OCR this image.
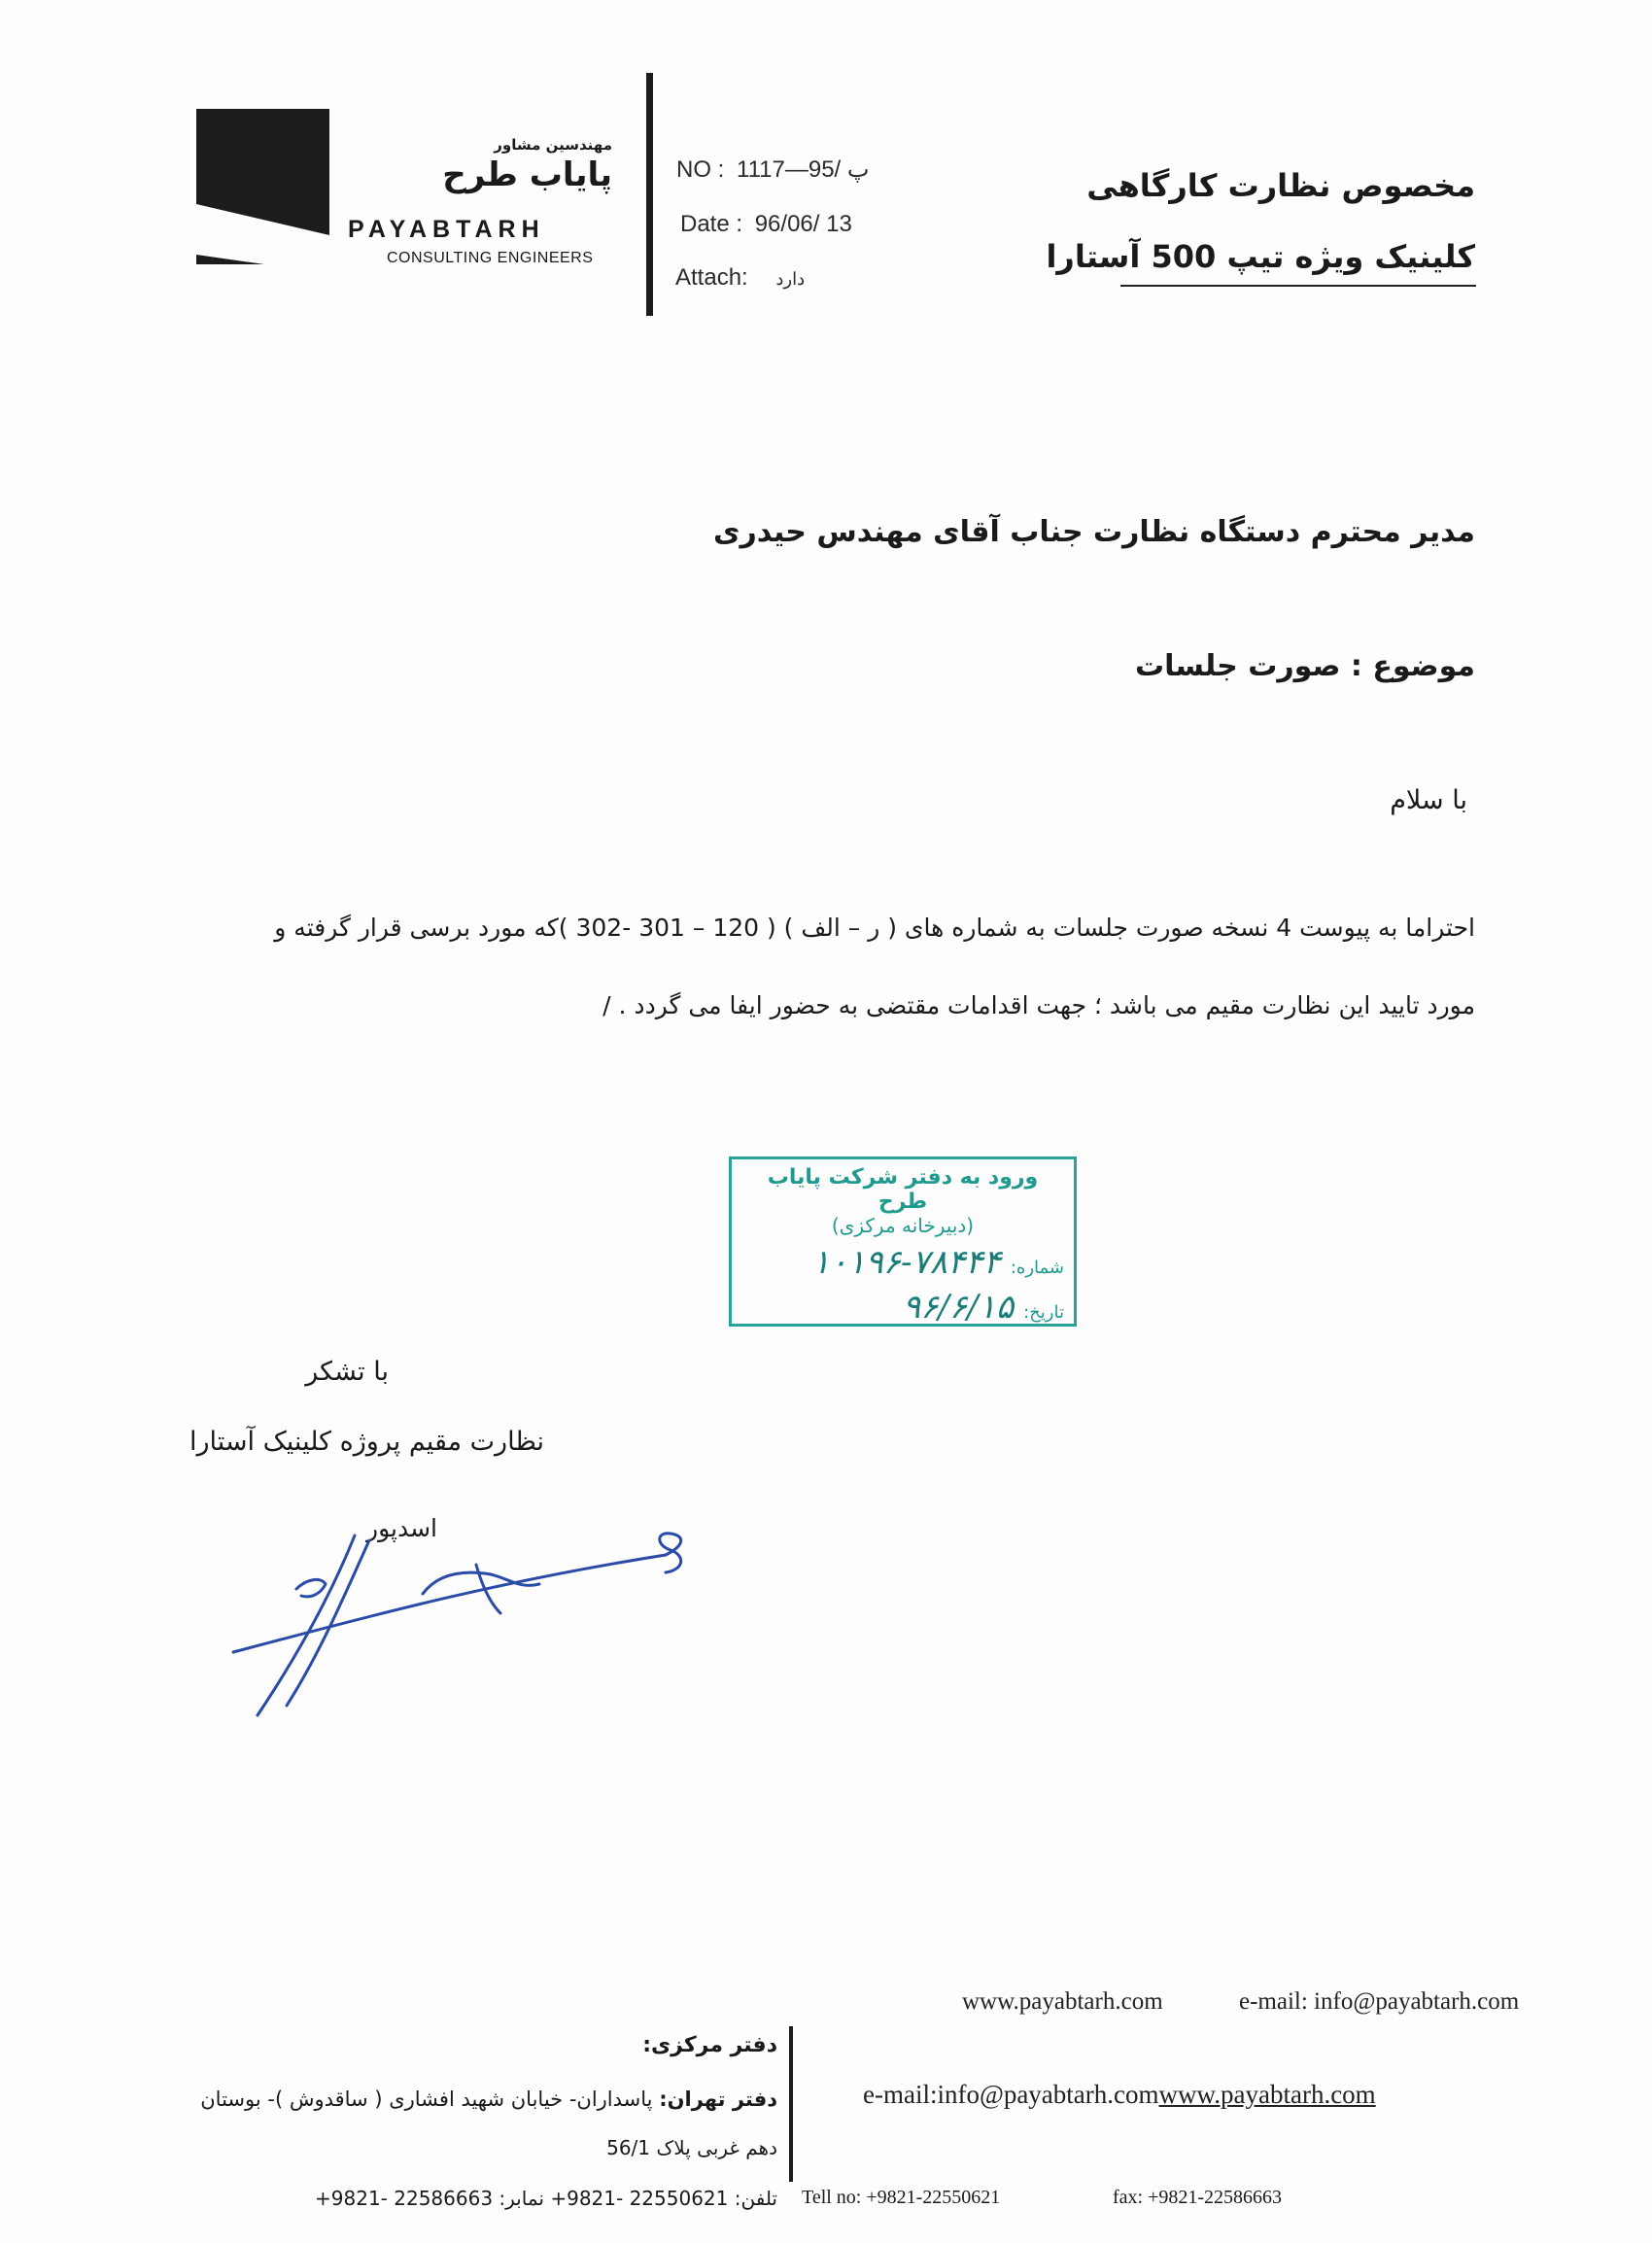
مهندسین مشاور
پایاب طرح
PAYABTARH
CONSULTING ENGINEERS
NO : پ /95—1117
Date : 96/06/ 13
Attach: دارد
مخصوص نظارت کارگاهی
کلینیک ویژه تیپ 500 آستارا
مدیر محترم دستگاه نظارت جناب آقای مهندس حیدری
موضوع : صورت جلسات
با سلام
احتراما به پیوست 4 نسخه صورت جلسات به شماره های ( ر – الف ) ( 120 – 301 -302 )که مورد برسی قرار گرفته و
مورد تایید این نظارت مقیم می باشد ؛ جهت اقدامات مقتضی به حضور ایفا می گردد . /
ورود به دفتر شرکت پایاب طرح
(دبیرخانه مرکزی)
شماره:
۱۰۱۹۶-۷۸۴۴۴
تاریخ:
۹۶/۶/۱۵
با تشکر
نظارت مقیم پروژه کلینیک آستارا
اسدپور
www.payabtarh.com	e-mail: info@payabtarh.com
دفتر مرکزی:
دفتر تهران: پاسداران- خیابان شهید افشاری ( ساقدوش )- بوستان
دهم غربی پلاک 56/1
e-mail:info@payabtarh.comwww.payabtarh.com
تلفن: 22550621 -9821+ نمابر: 22586663 -9821+ Tell no: +9821-22550621	fax: +9821-22586663
